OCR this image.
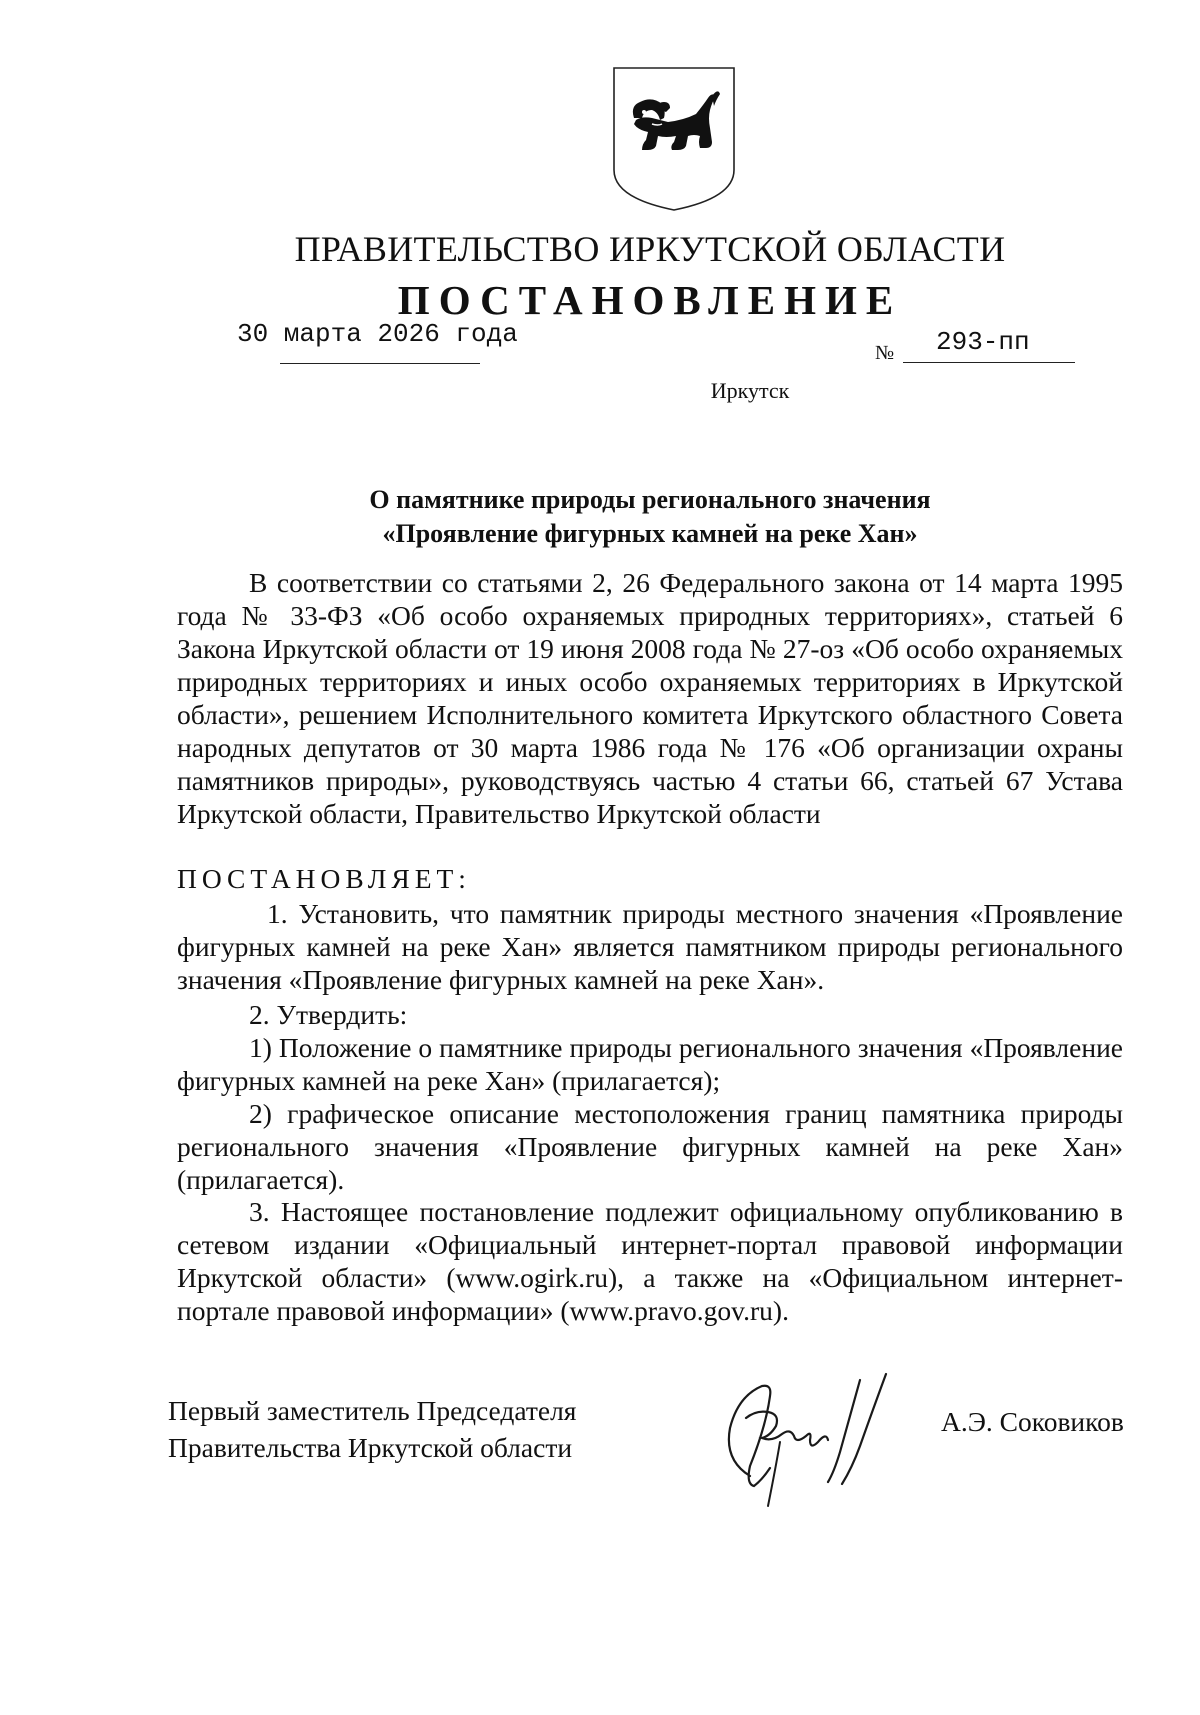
ПРАВИТЕЛЬСТВО ИРКУТСКОЙ ОБЛАСТИ
ПОСТАНОВЛЕНИЕ
30 марта 2026 года
№ 293-пп
Иркутск
О памятнике природы регионального значения
«Проявление фигурных камней на реке Хан»
В соответствии со статьями 2, 26 Федерального закона от 14 марта 1995 года № 33-ФЗ «Об особо охраняемых природных территориях», статьей 6 Закона Иркутской области от 19 июня 2008 года № 27-оз «Об особо охраняемых природных территориях и иных особо охраняемых территориях в Иркутской области», решением Исполнительного комитета Иркутского областного Совета народных депутатов от 30 марта 1986 года № 176 «Об организации охраны памятников природы», руководствуясь частью 4 статьи 66, статьей 67 Устава Иркутской области, Правительство Иркутской области
ПОСТАНОВЛЯЕТ:
1. Установить, что памятник природы местного значения «Проявление фигурных камней на реке Хан» является памятником природы регионального значения «Проявление фигурных камней на реке Хан».
2. Утвердить:
1) Положение о памятнике природы регионального значения «Проявление фигурных камней на реке Хан» (прилагается);
2) графическое описание местоположения границ памятника природы регионального значения «Проявление фигурных камней на реке Хан» (прилагается).
3. Настоящее постановление подлежит официальному опубликованию в сетевом издании «Официальный интернет-портал правовой информации Иркутской области» (www.ogirk.ru), а также на «Официальном интернет-портале правовой информации» (www.pravo.gov.ru).
Первый заместитель Председателя
Правительства Иркутской области
А.Э. Соковиков
